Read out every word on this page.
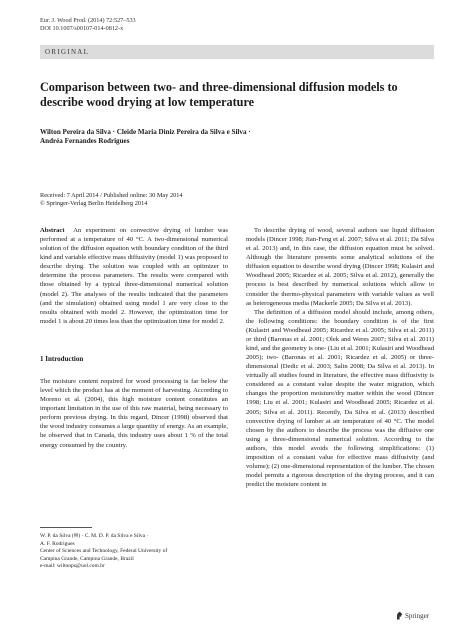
Eur. J. Wood Prod. (2014) 72:527–533
DOI 10.1007/s00107-014-0812-x
ORIGINAL
Comparison between two- and three-dimensional diffusion models to describe wood drying at low temperature
Wilton Pereira da Silva · Cleide Maria Diniz Pereira da Silva e Silva ·
Andréa Fernandes Rodrigues
Received: 7 April 2014 / Published online: 30 May 2014
© Springer-Verlag Berlin Heidelberg 2014

Abstract An experiment on convective drying of lumber was performed at a temperature of 40 °C. A two-dimensional numerical solution of the diffusion equation with boundary condition of the third kind and variable effective mass diffusivity (model 1) was proposed to describe drying. The solution was coupled with an optimizer to determine the process parameters. The results were compared with those obtained by a typical three-dimensional numerical solution (model 2). The analyses of the results indicated that the parameters (and the simulation) obtained using model 1 are very close to the results obtained with model 2. However, the optimization time for model 1 is about 20 times less than the optimization time for model 2.

1 Introduction

The moisture content required for wood processing is far below the level which the product has at the moment of harvesting. According to Moreno et al. (2004), this high moisture content constitutes an important limitation in the use of this raw material, being necessary to perform previous drying. In this regard, Dincer (1998) observed that the wood industry consumes a large quantity of energy. As an example, he observed that in Canada, this industry uses about 1 % of the total energy consumed by the country.

W. P. da Silva (✉) · C. M. D. P. da Silva e Silva ·
A. F. Rodrigues
Center of Sciences and Technology, Federal University of
Campina Grande, Campina Grande, Brazil
e-mail: wiltonps@uol.com.br

To describe drying of wood, several authors use liquid diffusion models (Dincer 1998; Jian-Feng et al. 2007; Silva et al. 2011; Da Silva et al. 2013) and, in this case, the diffusion equation must be solved. Although the literature presents some analytical solutions of the diffusion equation to describe wood drying (Dincer 1998; Kulasiri and Woodhead 2005; Ricardez et al. 2005; Silva et al. 2012), generally the process is best described by numerical solutions which allow to consider the thermo-physical parameters with variable values as well as heterogeneous media (Mackerle 2005; Da Silva et al. 2013).

The definition of a diffusion model should include, among others, the following conditions: the boundary condition is of the first (Kulasiri and Woodhead 2005; Ricardez et al. 2005; Silva et al. 2011) or third (Baronas et al. 2001; Olek and Weres 2007; Silva et al. 2011) kind, and the geometry is one- (Liu et al. 2001; Kulasiri and Woodhead 2005); two- (Baronas et al. 2001; Ricardez et al. 2005) or three-dimensional (Dedic et al. 2003; Salin 2008; Da Silva et al. 2013). In virtually all studies found in literature, the effective mass diffusivity is considered as a constant value despite the water migration, which changes the proportion moisture/dry matter within the wood (Dincer 1998; Liu et al. 2001; Kulasiri and Woodhead 2005; Ricardez et al. 2005; Silva et al. 2011). Recently, Da Silva et al. (2013) described convective drying of lumber at air temperature of 40 °C. The model chosen by the authors to describe the process was the diffusive one using a three-dimensional numerical solution. According to the authors, this model avoids the following simplifications: (1) imposition of a constant value for effective mass diffusivity (and volume); (2) one-dimensional representation of the lumber. The chosen model permits a rigorous description of the drying process, and it can predict the moisture content in

Springer
